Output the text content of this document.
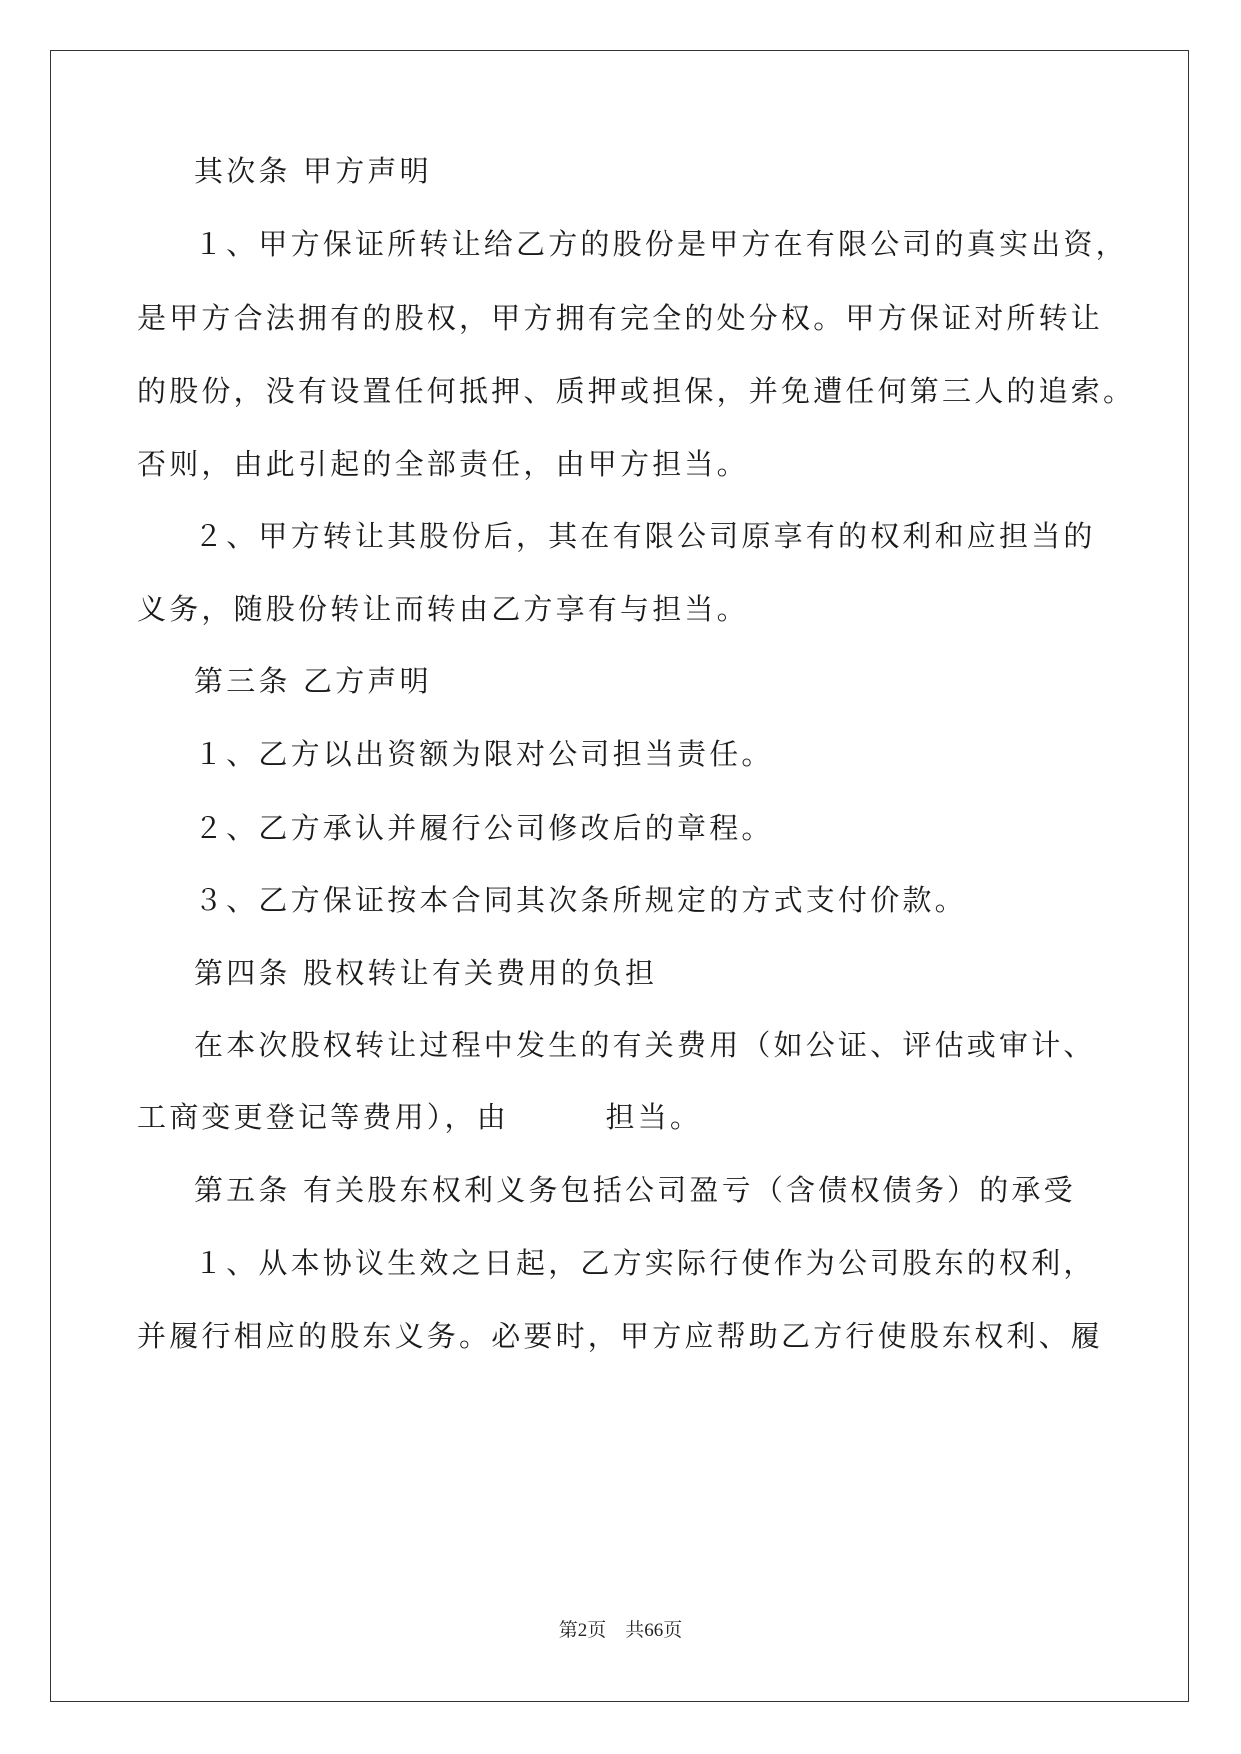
其次条 甲方声明
１、甲方保证所转让给乙方的股份是甲方在有限公司的真实出资，
是甲方合法拥有的股权，甲方拥有完全的处分权。甲方保证对所转让
的股份，没有设置任何抵押、质押或担保，并免遭任何第三人的追索。
否则，由此引起的全部责任，由甲方担当。
２、甲方转让其股份后，其在有限公司原享有的权利和应担当的
义务，随股份转让而转由乙方享有与担当。
第三条 乙方声明
１、乙方以出资额为限对公司担当责任。
２、乙方承认并履行公司修改后的章程。
３、乙方保证按本合同其次条所规定的方式支付价款。
第四条 股权转让有关费用的负担
在本次股权转让过程中发生的有关费用（如公证、评估或审计、
工商变更登记等费用），由　　　担当。
第五条 有关股东权利义务包括公司盈亏（含债权债务）的承受
１、从本协议生效之日起，乙方实际行使作为公司股东的权利，
并履行相应的股东义务。必要时，甲方应帮助乙方行使股东权利、履
第2页 共66页
